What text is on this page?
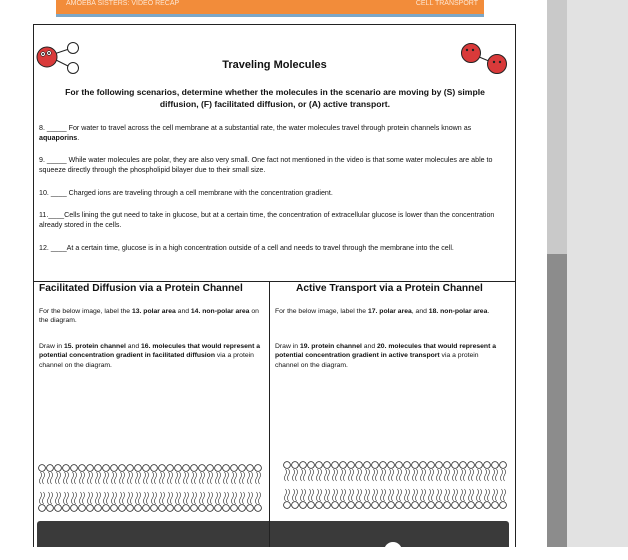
AMOEBA SISTERS: VIDEO RECAP	CELL TRANSPORT
Traveling Molecules
For the following scenarios, determine whether the molecules in the scenario are moving by (S) simple diffusion, (F) facilitated diffusion, or (A) active transport.
8. _____ For water to travel across the cell membrane at a substantial rate, the water molecules travel through protein channels known as aquaporins.
9. _____ While water molecules are polar, they are also very small. One fact not mentioned in the video is that some water molecules are able to squeeze directly through the phospholipid bilayer due to their small size.
10. ____ Charged ions are traveling through a cell membrane with the concentration gradient.
11.____Cells lining the gut need to take in glucose, but at a certain time, the concentration of extracellular glucose is lower than the concentration already stored in the cells.
12. ____At a certain time, glucose is in a high concentration outside of a cell and needs to travel through the membrane into the cell.
Facilitated Diffusion via a Protein Channel
For the below image, label the 13. polar area and 14. non-polar area on the diagram.
Draw in 15. protein channel and 16. molecules that would represent a potential concentration gradient in facilitated diffusion via a protein channel on the diagram.
Active Transport via a Protein Channel
For the below image, label the 17. polar area, and 18. non-polar area.
Draw in 19. protein channel and 20. molecules that would represent a potential concentration gradient in active transport via a protein channel on the diagram.
